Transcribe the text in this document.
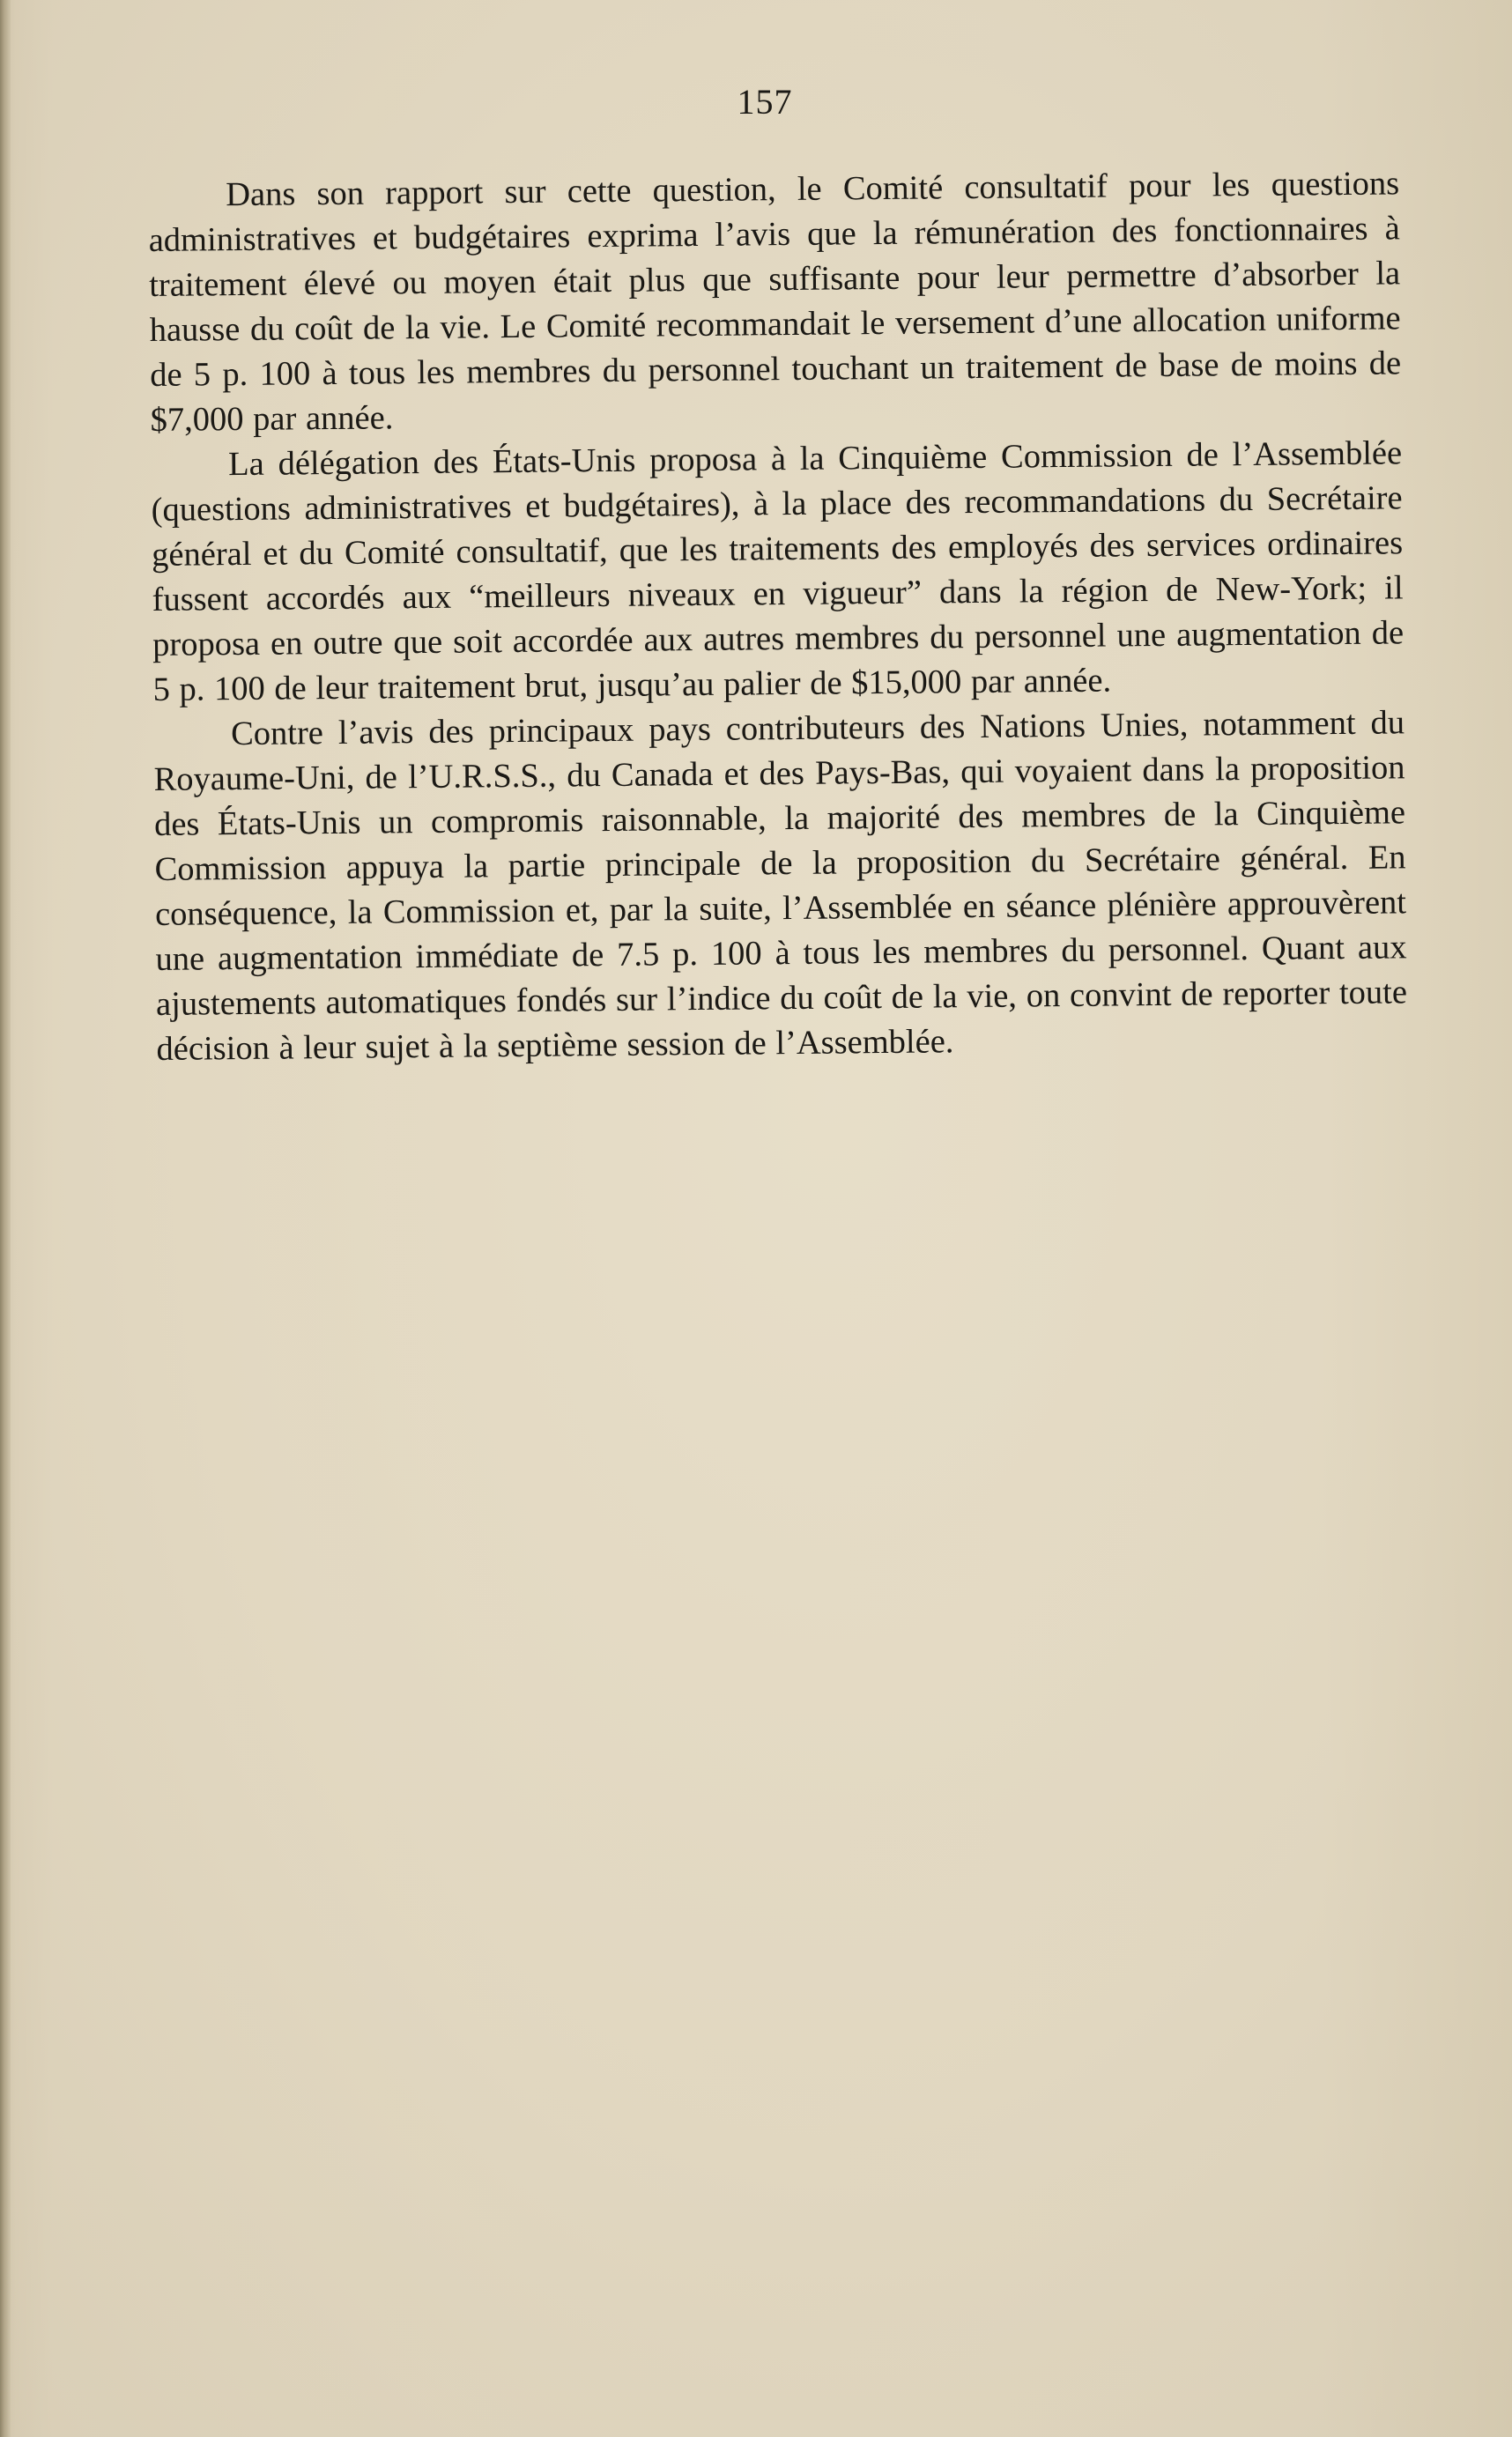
157

Dans son rapport sur cette question, le Comité consultatif pour les questions administratives et budgétaires exprima l’avis que la rémunération des fonctionnaires à traitement élevé ou moyen était plus que suffisante pour leur permettre d’absorber la hausse du coût de la vie. Le Comité recommandait le versement d’une allocation uniforme de 5 p. 100 à tous les membres du personnel touchant un traitement de base de moins de $7,000 par année.

La délégation des États-Unis proposa à la Cinquième Commission de l’Assemblée (questions administratives et budgétaires), à la place des recommandations du Secrétaire général et du Comité consultatif, que les traitements des employés des services ordinaires fussent accordés aux “meilleurs niveaux en vigueur” dans la région de New-York; il proposa en outre que soit accordée aux autres membres du personnel une augmentation de 5 p. 100 de leur traitement brut, jusqu’au palier de $15,000 par année.

Contre l’avis des principaux pays contributeurs des Nations Unies, notamment du Royaume-Uni, de l’U.R.S.S., du Canada et des Pays-Bas, qui voyaient dans la proposition des États-Unis un compromis raisonnable, la majorité des membres de la Cinquième Commission appuya la partie principale de la proposition du Secrétaire général. En conséquence, la Commission et, par la suite, l’Assemblée en séance plénière approuvèrent une augmentation immédiate de 7.5 p. 100 à tous les membres du personnel. Quant aux ajustements automatiques fondés sur l’indice du coût de la vie, on convint de reporter toute décision à leur sujet à la septième session de l’Assemblée.
